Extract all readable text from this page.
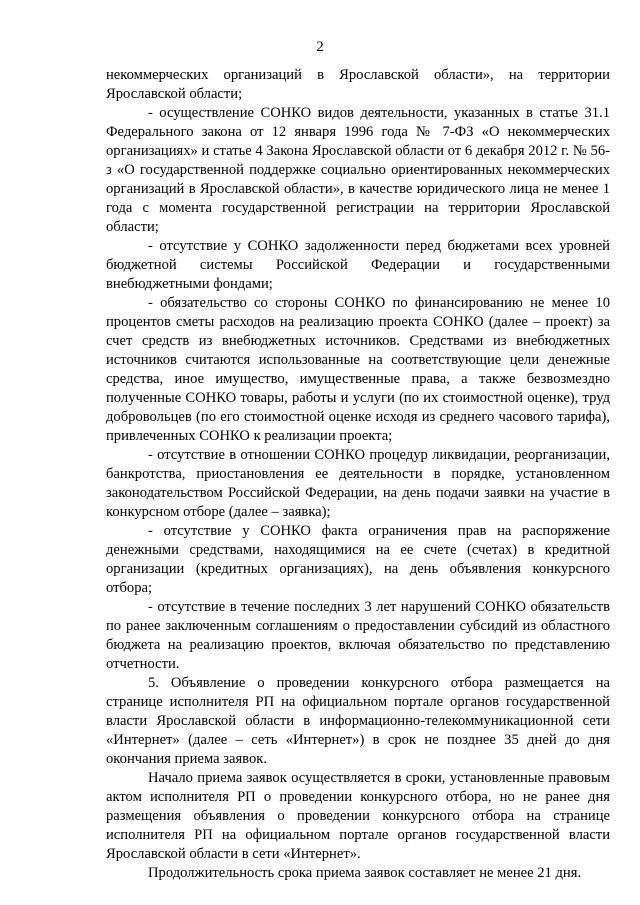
2

некоммерческих организаций в Ярославской области», на территории Ярославской области;

- осуществление СОНКО видов деятельности, указанных в статье 31.1 Федерального закона от 12 января 1996 года № 7-ФЗ «О некоммерческих организациях» и статье 4 Закона Ярославской области от 6 декабря 2012 г. № 56-з «О государственной поддержке социально ориентированных некоммерческих организаций в Ярославской области», в качестве юридического лица не менее 1 года с момента государственной регистрации на территории Ярославской области;

- отсутствие у СОНКО задолженности перед бюджетами всех уровней бюджетной системы Российской Федерации и государственными внебюджетными фондами;

- обязательство со стороны СОНКО по финансированию не менее 10 процентов сметы расходов на реализацию проекта СОНКО (далее – проект) за счет средств из внебюджетных источников. Средствами из внебюджетных источников считаются использованные на соответствующие цели денежные средства, иное имущество, имущественные права, а также безвозмездно полученные СОНКО товары, работы и услуги (по их стоимостной оценке), труд добровольцев (по его стоимостной оценке исходя из среднего часового тарифа), привлеченных СОНКО к реализации проекта;

- отсутствие в отношении СОНКО процедур ликвидации, реорганизации, банкротства, приостановления ее деятельности в порядке, установленном законодательством Российской Федерации, на день подачи заявки на участие в конкурсном отборе (далее – заявка);

- отсутствие у СОНКО факта ограничения прав на распоряжение денежными средствами, находящимися на ее счете (счетах) в кредитной организации (кредитных организациях), на день объявления конкурсного отбора;

- отсутствие в течение последних 3 лет нарушений СОНКО обязательств по ранее заключенным соглашениям о предоставлении субсидий из областного бюджета на реализацию проектов, включая обязательство по представлению отчетности.

5. Объявление о проведении конкурсного отбора размещается на странице исполнителя РП на официальном портале органов государственной власти Ярославской области в информационно-телекоммуникационной сети «Интернет» (далее – сеть «Интернет») в срок не позднее 35 дней до дня окончания приема заявок.

Начало приема заявок осуществляется в сроки, установленные правовым актом исполнителя РП о проведении конкурсного отбора, но не ранее дня размещения объявления о проведении конкурсного отбора на странице исполнителя РП на официальном портале органов государственной власти Ярославской области в сети «Интернет».

Продолжительность срока приема заявок составляет не менее 21 дня.
